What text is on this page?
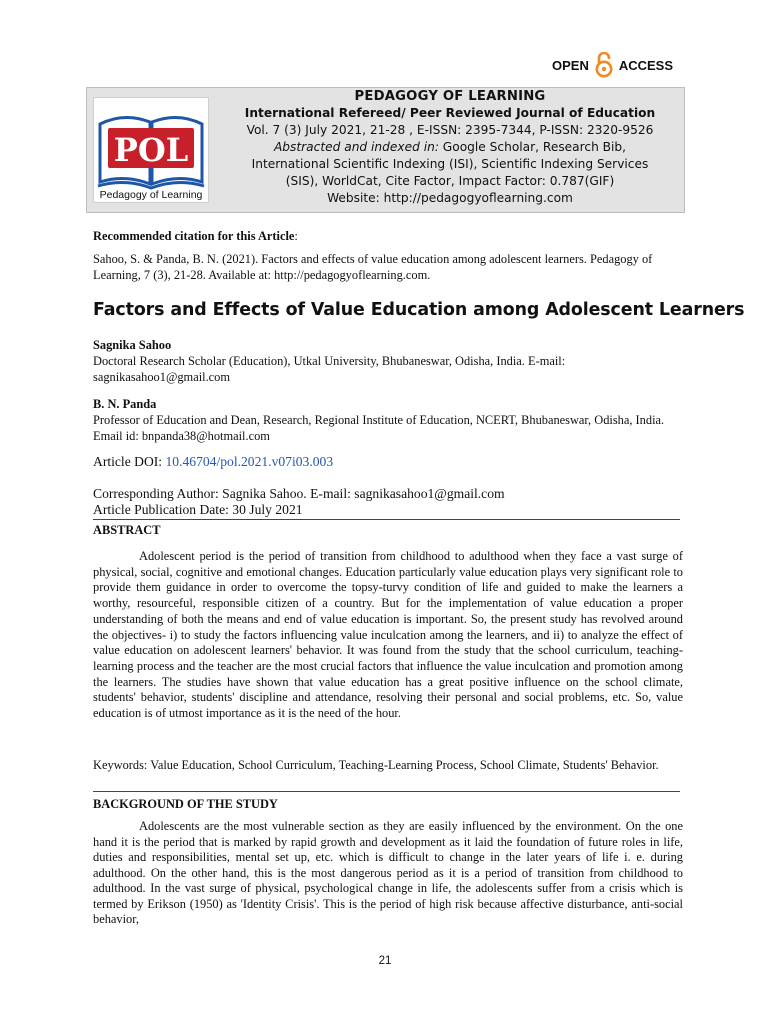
OPEN ACCESS
POL
Pedagogy of Learning
PEDAGOGY OF LEARNING
International Refereed/ Peer Reviewed Journal of Education
Vol. 7 (3) July 2021, 21-28 , E-ISSN: 2395-7344, P-ISSN: 2320-9526
Abstracted and indexed in: Google Scholar, Research Bib,
International Scientific Indexing (ISI), Scientific Indexing Services
(SIS), WorldCat, Cite Factor, Impact Factor: 0.787(GIF)
Website: http://pedagogyoflearning.com
Recommended citation for this Article:
Sahoo, S. & Panda, B. N. (2021). Factors and effects of value education among adolescent learners. Pedagogy of Learning, 7 (3), 21-28. Available at: http://pedagogyoflearning.com.
Factors and Effects of Value Education among Adolescent Learners
Sagnika Sahoo
Doctoral Research Scholar (Education), Utkal University, Bhubaneswar, Odisha, India. E-mail: sagnikasahoo1@gmail.com
B. N. Panda
Professor of Education and Dean, Research, Regional Institute of Education, NCERT, Bhubaneswar, Odisha, India. Email id: bnpanda38@hotmail.com
Article DOI: 10.46704/pol.2021.v07i03.003
Corresponding Author: Sagnika Sahoo. E-mail: sagnikasahoo1@gmail.com
Article Publication Date: 30 July 2021
ABSTRACT
Adolescent period is the period of transition from childhood to adulthood when they face a vast surge of physical, social, cognitive and emotional changes. Education particularly value education plays very significant role to provide them guidance in order to overcome the topsy-turvy condition of life and guided to make the learners a worthy, resourceful, responsible citizen of a country. But for the implementation of value education a proper understanding of both the means and end of value education is important. So, the present study has revolved around the objectives- i) to study the factors influencing value inculcation among the learners, and ii) to analyze the effect of value education on adolescent learners' behavior. It was found from the study that the school curriculum, teaching-learning process and the teacher are the most crucial factors that influence the value inculcation and promotion among the learners. The studies have shown that value education has a great positive influence on the school climate, students' behavior, students' discipline and attendance, resolving their personal and social problems, etc. So, value education is of utmost importance as it is the need of the hour.
Keywords: Value Education, School Curriculum, Teaching-Learning Process, School Climate, Students' Behavior.
BACKGROUND OF THE STUDY
Adolescents are the most vulnerable section as they are easily influenced by the environment. On the one hand it is the period that is marked by rapid growth and development as it laid the foundation of future roles in life, duties and responsibilities, mental set up, etc. which is difficult to change in the later years of life i. e. during adulthood. On the other hand, this is the most dangerous period as it is a period of transition from childhood to adulthood. In the vast surge of physical, psychological change in life, the adolescents suffer from a crisis which is termed by Erikson (1950) as 'Identity Crisis'. This is the period of high risk because affective disturbance, anti-social behavior,
21
